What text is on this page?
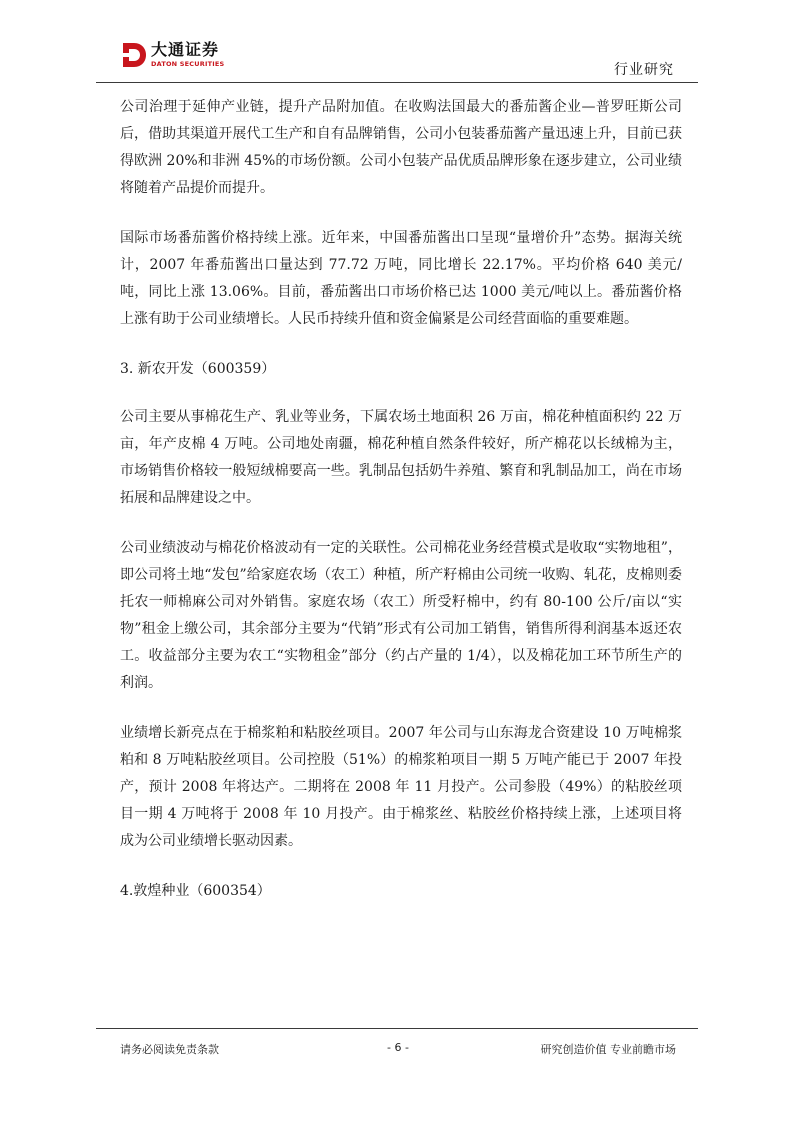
大通证券
DATON SECURITIES	行业研究

公司治理于延伸产业链，提升产品附加值。在收购法国最大的番茄酱企业—普罗旺斯公司后，借助其渠道开展代工生产和自有品牌销售，公司小包装番茄酱产量迅速上升，目前已获得欧洲 20%和非洲 45%的市场份额。公司小包装产品优质品牌形象在逐步建立，公司业绩将随着产品提价而提升。

国际市场番茄酱价格持续上涨。近年来，中国番茄酱出口呈现“量增价升”态势。据海关统计，2007 年番茄酱出口量达到 77.72 万吨，同比增长 22.17%。平均价格 640 美元/吨，同比上涨 13.06%。目前，番茄酱出口市场价格已达 1000 美元/吨以上。番茄酱价格上涨有助于公司业绩增长。人民币持续升值和资金偏紧是公司经营面临的重要难题。

3. 新农开发（600359）

公司主要从事棉花生产、乳业等业务，下属农场土地面积 26 万亩，棉花种植面积约 22 万亩，年产皮棉 4 万吨。公司地处南疆，棉花种植自然条件较好，所产棉花以长绒棉为主，市场销售价格较一般短绒棉要高一些。乳制品包括奶牛养殖、繁育和乳制品加工，尚在市场拓展和品牌建设之中。

公司业绩波动与棉花价格波动有一定的关联性。公司棉花业务经营模式是收取“实物地租”，即公司将土地“发包”给家庭农场（农工）种植，所产籽棉由公司统一收购、轧花，皮棉则委托农一师棉麻公司对外销售。家庭农场（农工）所受籽棉中，约有 80-100 公斤/亩以“实物”租金上缴公司，其余部分主要为“代销”形式有公司加工销售，销售所得利润基本返还农工。收益部分主要为农工“实物租金”部分（约占产量的 1/4），以及棉花加工环节所生产的利润。

业绩增长新亮点在于棉浆粕和粘胶丝项目。2007 年公司与山东海龙合资建设 10 万吨棉浆粕和 8 万吨粘胶丝项目。公司控股（51%）的棉浆粕项目一期 5 万吨产能已于 2007 年投产，预计 2008 年将达产。二期将在 2008 年 11 月投产。公司参股（49%）的粘胶丝项目一期 4 万吨将于 2008 年 10 月投产。由于棉浆丝、粘胶丝价格持续上涨，上述项目将成为公司业绩增长驱动因素。

4.敦煌种业（600354）

请务必阅读免责条款	- 6 -	研究创造价值 专业前瞻市场
